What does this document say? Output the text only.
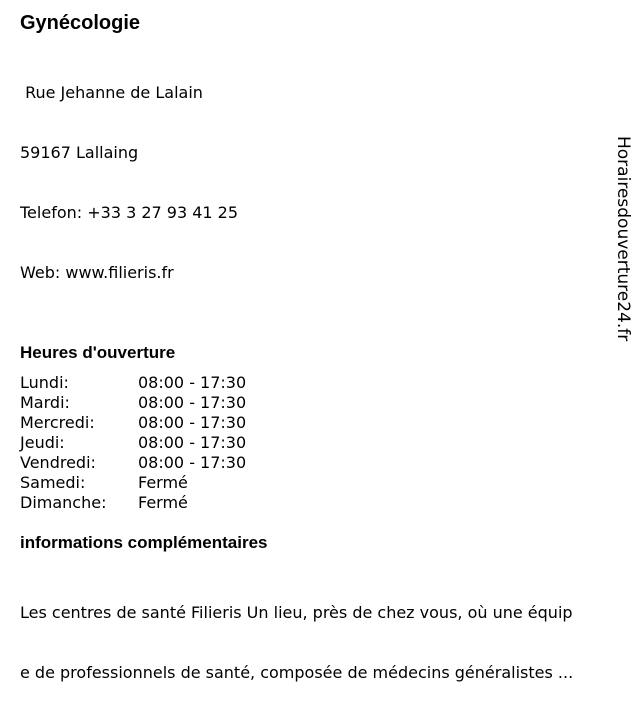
Gynécologie

Rue Jehanne de Lalain

59167 Lallaing

Telefon: +33 3 27 93 41 25

Web: www.filieris.fr

Heures d'ouverture
Lundi:	08:00 - 17:30
Mardi:	08:00 - 17:30
Mercredi:	08:00 - 17:30
Jeudi:	08:00 - 17:30
Vendredi:	08:00 - 17:30
Samedi:	Fermé
Dimanche:	Fermé
informations complémentaires

Les centres de santé Filieris Un lieu, près de chez vous, où une équip

e de professionnels de santé, composée de médecins généralistes ...

Horairesdouverture24.fr
